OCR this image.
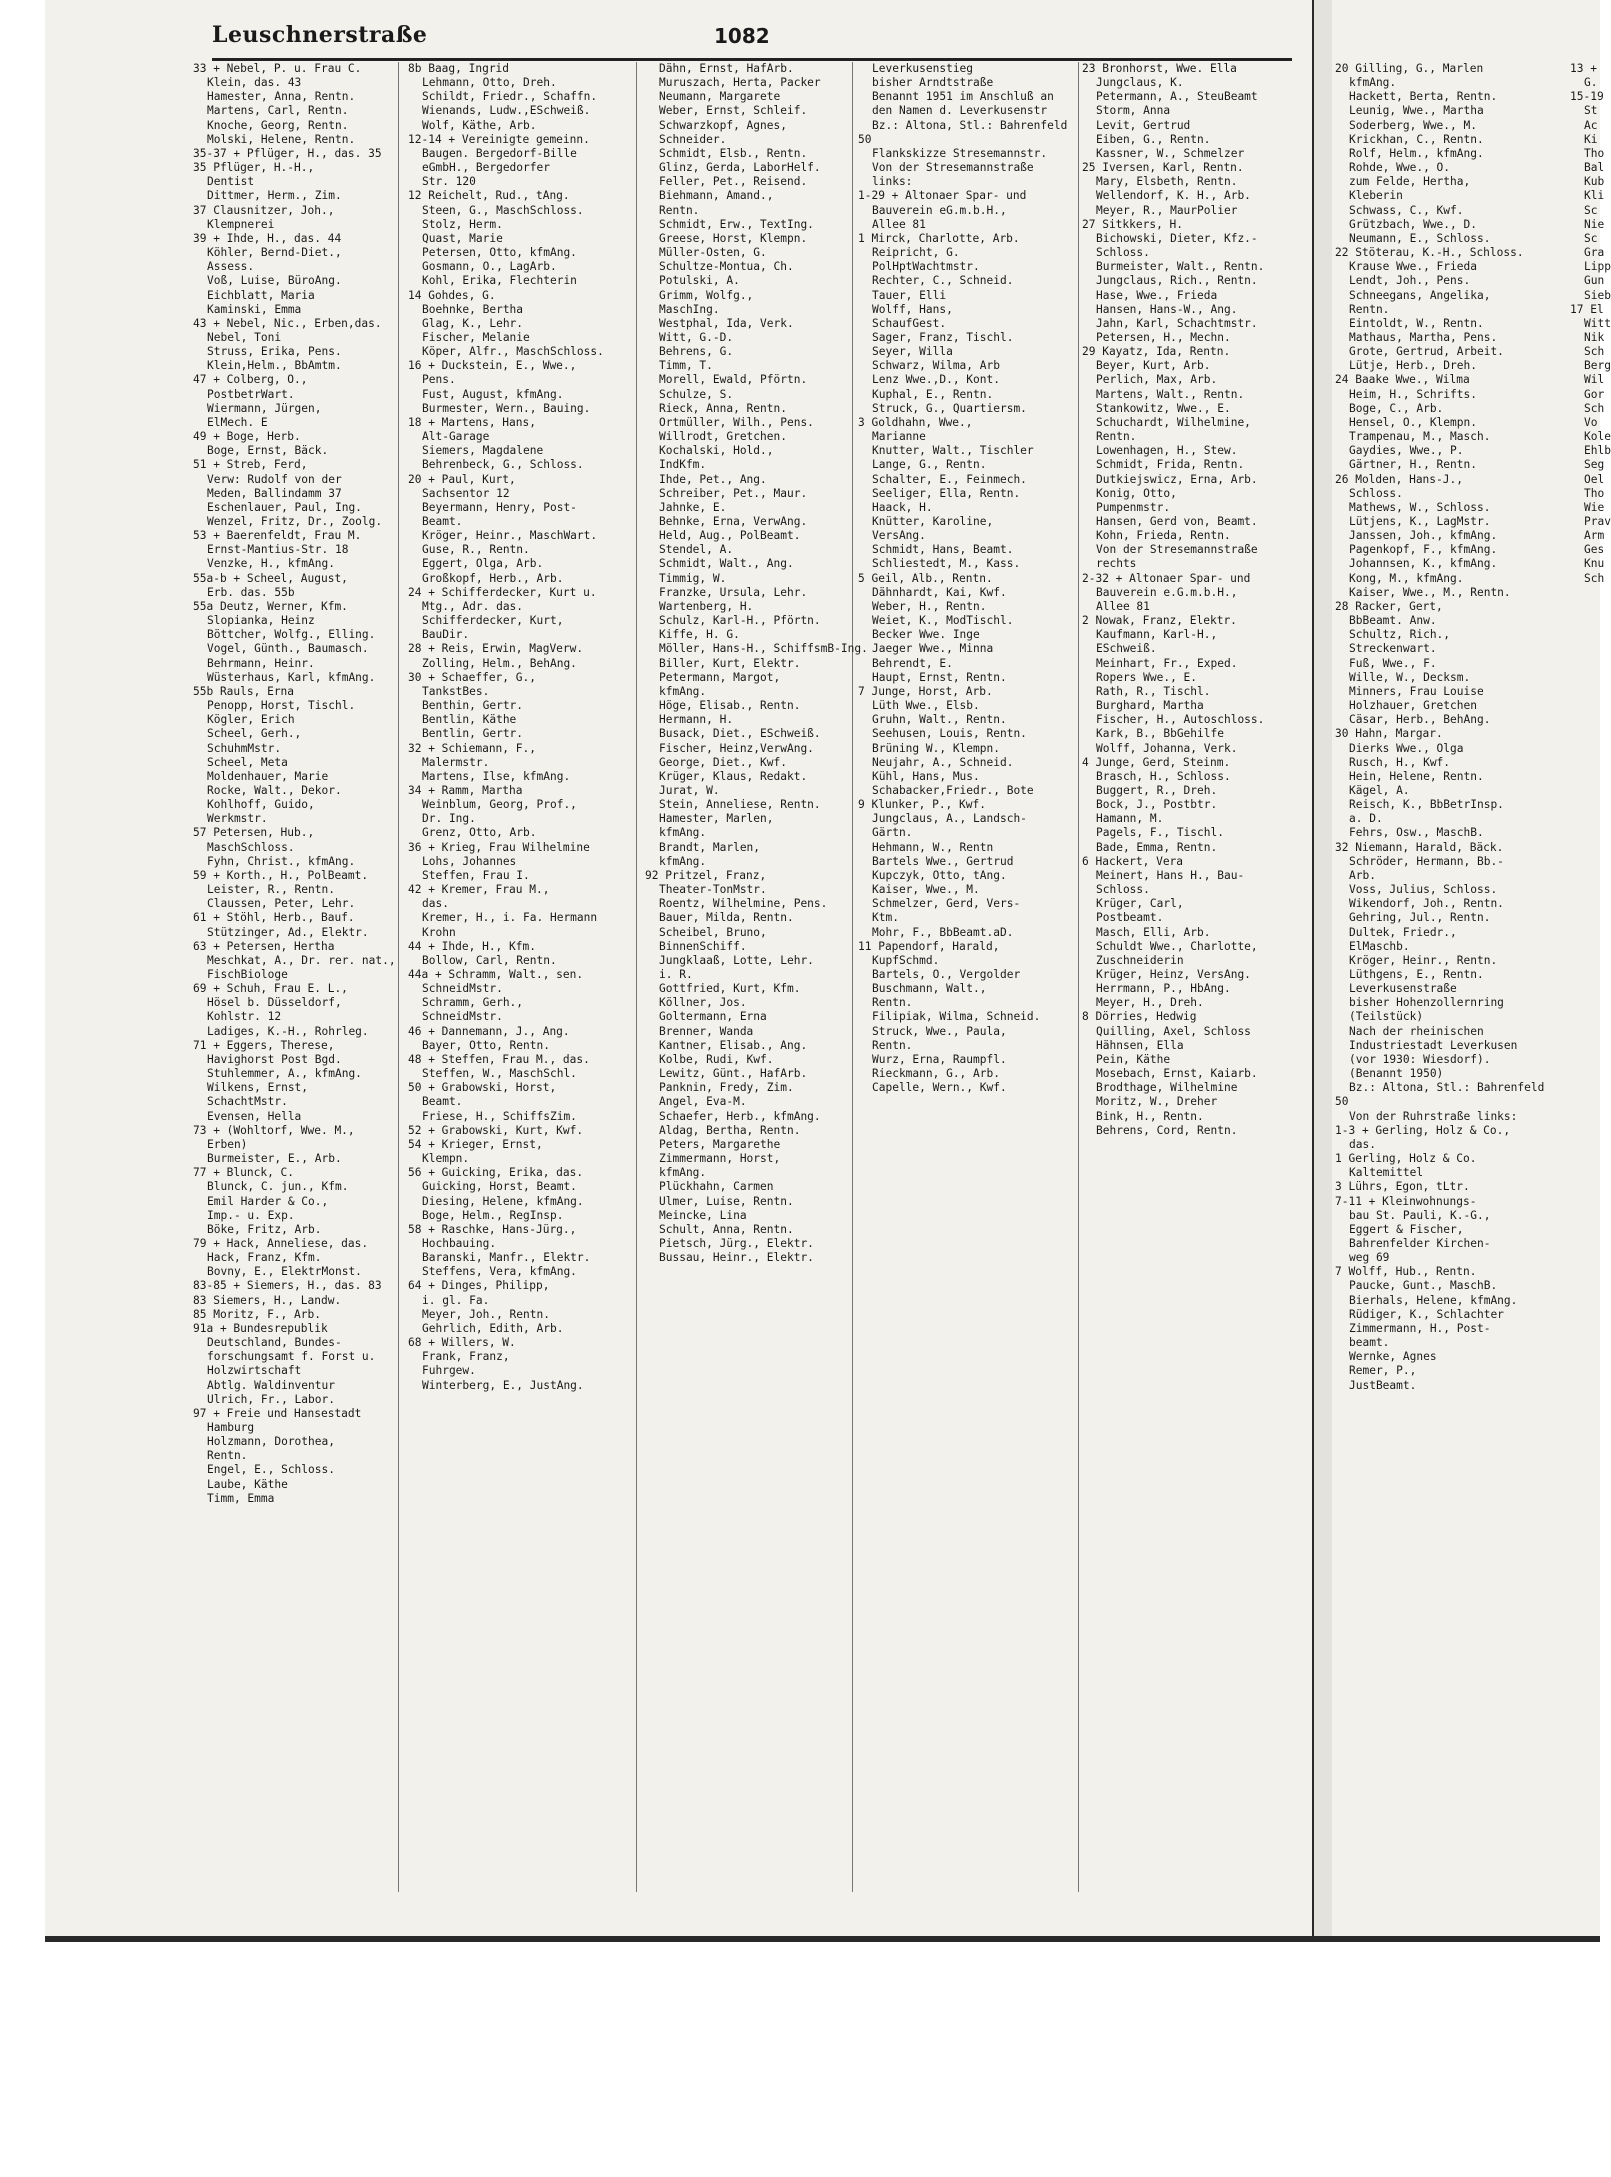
Leuschnerstraße	1082
33 + Nebel, P. u. Frau C.
Klein, das. 43
Hamester, Anna, Rentn.
Martens, Carl, Rentn.
Knoche, Georg, Rentn.
Molski, Helene, Rentn.
35-37 + Pflüger, H., das. 35
35 Pflüger, H.-H.,
Dentist
Dittmer, Herm., Zim.
37 Clausnitzer, Joh.,
Klempnerei
39 + Ihde, H., das. 44
Köhler, Bernd-Diet.,
Assess.
Voß, Luise, BüroAng.
Eichblatt, Maria
Kaminski, Emma
43 + Nebel, Nic., Erben,das.
Nebel, Toni
Struss, Erika, Pens.
Klein,Helm., BbAmtm.
47 + Colberg, O.,
PostbetrWart.
Wiermann, Jürgen,
ElMech. E
49 + Boge, Herb.
Boge, Ernst, Bäck.
51 + Streb, Ferd,
Verw: Rudolf von der
Meden, Ballindamm 37
Eschenlauer, Paul, Ing.
Wenzel, Fritz, Dr., Zoolg.
53 + Baerenfeldt, Frau M.
Ernst-Mantius-Str. 18
Venzke, H., kfmAng.
55a-b + Scheel, August,
Erb. das. 55b
55a Deutz, Werner, Kfm.
Slopianka, Heinz
Böttcher, Wolfg., Elling.
Vogel, Günth., Baumasch.
Behrmann, Heinr.
Wüsterhaus, Karl, kfmAng.
55b Rauls, Erna
Penopp, Horst, Tischl.
Kögler, Erich
Scheel, Gerh.,
SchuhmMstr.
Scheel, Meta
Moldenhauer, Marie
Rocke, Walt., Dekor.
Kohlhoff, Guido,
Werkmstr.
57 Petersen, Hub.,
MaschSchloss.
Fyhn, Christ., kfmAng.
59 + Korth., H., PolBeamt.
Leister, R., Rentn.
Claussen, Peter, Lehr.
61 + Stöhl, Herb., Bauf.
Stützinger, Ad., Elektr.
63 + Petersen, Hertha
Meschkat, A., Dr. rer. nat.,
FischBiologe
69 + Schuh, Frau E. L.,
Hösel b. Düsseldorf,
Kohlstr. 12
Ladiges, K.-H., Rohrleg.
71 + Eggers, Therese,
Havighorst Post Bgd.
Stuhlemmer, A., kfmAng.
Wilkens, Ernst,
SchachtMstr.
Evensen, Hella
73 + (Wohltorf, Wwe. M.,
Erben)
Burmeister, E., Arb.
77 + Blunck, C.
Blunck, C. jun., Kfm.
Emil Harder & Co.,
Imp.- u. Exp.
Böke, Fritz, Arb.
79 + Hack, Anneliese, das.
Hack, Franz, Kfm.
Bovny, E., ElektrMonst.
83-85 + Siemers, H., das. 83
83 Siemers, H., Landw.
85 Moritz, F., Arb.
91a + Bundesrepublik
Deutschland, Bundes-
forschungsamt f. Forst u.
Holzwirtschaft
Abtlg. Waldinventur
Ulrich, Fr., Labor.
97 + Freie und Hansestadt
Hamburg
Holzmann, Dorothea,
Rentn.
Engel, E., Schloss.
Laube, Käthe
Timm, Emma
8b Baag, Ingrid
Lehmann, Otto, Dreh.
Schildt, Friedr., Schaffn.
Wienands, Ludw.,ESchweiß.
Wolf, Käthe, Arb.
12-14 + Vereinigte gemeinn.
Baugen. Bergedorf-Bille
eGmbH., Bergedorfer
Str. 120
12 Reichelt, Rud., tAng.
Steen, G., MaschSchloss.
Stolz, Herm.
Quast, Marie
Petersen, Otto, kfmAng.
Gosmann, O., LagArb.
Kohl, Erika, Flechterin
14 Gohdes, G.
Boehnke, Bertha
Glag, K., Lehr.
Fischer, Melanie
Köper, Alfr., MaschSchloss.
16 + Duckstein, E., Wwe.,
Pens.
Fust, August, kfmAng.
Burmester, Wern., Bauing.
18 + Martens, Hans,
Alt-Garage
Siemers, Magdalene
Behrenbeck, G., Schloss.
20 + Paul, Kurt,
Sachsentor 12
Beyermann, Henry, Post-
Beamt.
Kröger, Heinr., MaschWart.
Guse, R., Rentn.
Eggert, Olga, Arb.
Großkopf, Herb., Arb.
24 + Schifferdecker, Kurt u.
Mtg., Adr. das.
Schifferdecker, Kurt,
BauDir.
28 + Reis, Erwin, MagVerw.
Zolling, Helm., BehAng.
30 + Schaeffer, G.,
TankstBes.
Benthin, Gertr.
Bentlin, Käthe
Bentlin, Gertr.
32 + Schiemann, F.,
Malermstr.
Martens, Ilse, kfmAng.
34 + Ramm, Martha
Weinblum, Georg, Prof.,
Dr. Ing.
Grenz, Otto, Arb.
36 + Krieg, Frau Wilhelmine
Lohs, Johannes
Steffen, Frau I.
42 + Kremer, Frau M.,
das.
Kremer, H., i. Fa. Hermann
Krohn
44 + Ihde, H., Kfm.
Bollow, Carl, Rentn.
44a + Schramm, Walt., sen.
SchneidMstr.
Schramm, Gerh.,
SchneidMstr.
46 + Dannemann, J., Ang.
Bayer, Otto, Rentn.
48 + Steffen, Frau M., das.
Steffen, W., MaschSchl.
50 + Grabowski, Horst,
Beamt.
Friese, H., SchiffsZim.
52 + Grabowski, Kurt, Kwf.
54 + Krieger, Ernst,
Klempn.
56 + Guicking, Erika, das.
Guicking, Horst, Beamt.
Diesing, Helene, kfmAng.
Boge, Helm., RegInsp.
58 + Raschke, Hans-Jürg.,
Hochbauing.
Baranski, Manfr., Elektr.
Steffens, Vera, kfmAng.
64 + Dinges, Philipp,
i. gl. Fa.
Meyer, Joh., Rentn.
Gehrlich, Edith, Arb.
68 + Willers, W.
Frank, Franz,
Fuhrgew.
Winterberg, E., JustAng.
Dähn, Ernst, HafArb.
Muruszach, Herta, Packer
Neumann, Margarete
Weber, Ernst, Schleif.
Schwarzkopf, Agnes,
Schneider.
Schmidt, Elsb., Rentn.
Glinz, Gerda, LaborHelf.
Feller, Pet., Reisend.
Biehmann, Amand.,
Rentn.
Schmidt, Erw., TextIng.
Greese, Horst, Klempn.
Müller-Osten, G.
Schultze-Montua, Ch.
Potulski, A.
Grimm, Wolfg.,
MaschIng.
Westphal, Ida, Verk.
Witt, G.-D.
Behrens, G.
Timm, T.
Morell, Ewald, Pförtn.
Schulze, S.
Rieck, Anna, Rentn.
Ortmüller, Wilh., Pens.
Willrodt, Gretchen.
Kochalski, Hold.,
IndKfm.
Ihde, Pet., Ang.
Schreiber, Pet., Maur.
Jahnke, E.
Behnke, Erna, VerwAng.
Held, Aug., PolBeamt.
Stendel, A.
Schmidt, Walt., Ang.
Timmig, W.
Franzke, Ursula, Lehr.
Wartenberg, H.
Schulz, Karl-H., Pförtn.
Kiffe, H. G.
Möller, Hans-H., SchiffsmB-Ing.
Biller, Kurt, Elektr.
Petermann, Margot,
kfmAng.
Höge, Elisab., Rentn.
Hermann, H.
Busack, Diet., ESchweiß.
Fischer, Heinz,VerwAng.
George, Diet., Kwf.
Krüger, Klaus, Redakt.
Jurat, W.
Stein, Anneliese, Rentn.
Hamester, Marlen,
kfmAng.
Brandt, Marlen,
kfmAng.
92 Pritzel, Franz,
Theater-TonMstr.
Roentz, Wilhelmine, Pens.
Bauer, Milda, Rentn.
Scheibel, Bruno,
BinnenSchiff.
Jungklaaß, Lotte, Lehr.
i. R.
Gottfried, Kurt, Kfm.
Köllner, Jos.
Goltermann, Erna
Brenner, Wanda
Kantner, Elisab., Ang.
Kolbe, Rudi, Kwf.
Lewitz, Günt., HafArb.
Panknin, Fredy, Zim.
Angel, Eva-M.
Schaefer, Herb., kfmAng.
Aldag, Bertha, Rentn.
Peters, Margarethe
Zimmermann, Horst,
kfmAng.
Plückhahn, Carmen
Ulmer, Luise, Rentn.
Meincke, Lina
Schult, Anna, Rentn.
Pietsch, Jürg., Elektr.
Bussau, Heinr., Elektr.
Leverkusenstieg
bisher Arndtstraße
Benannt 1951 im Anschluß an
den Namen d. Leverkusenstr
Bz.: Altona, Stl.: Bahrenfeld
50
Flankskizze Stresemannstr.
Von der Stresemannstraße
links:
1-29 + Altonaer Spar- und
Bauverein eG.m.b.H.,
Allee 81
1 Mirck, Charlotte, Arb.
Reipricht, G.
PolHptWachtmstr.
Rechter, C., Schneid.
Tauer, Elli
Wolff, Hans,
SchaufGest.
Sager, Franz, Tischl.
Seyer, Willa
Schwarz, Wilma, Arb
Lenz Wwe.,D., Kont.
Kuphal, E., Rentn.
Struck, G., Quartiersm.
3 Goldhahn, Wwe.,
Marianne
Knutter, Walt., Tischler
Lange, G., Rentn.
Schalter, E., Feinmech.
Seeliger, Ella, Rentn.
Haack, H.
Knütter, Karoline,
VersAng.
Schmidt, Hans, Beamt.
Schliestedt, M., Kass.
5 Geil, Alb., Rentn.
Dähnhardt, Kai, Kwf.
Weber, H., Rentn.
Weiet, K., ModTischl.
Becker Wwe. Inge
Jaeger Wwe., Minna
Behrendt, E.
Haupt, Ernst, Rentn.
7 Junge, Horst, Arb.
Lüth Wwe., Elsb.
Gruhn, Walt., Rentn.
Seehusen, Louis, Rentn.
Brüning W., Klempn.
Neujahr, A., Schneid.
Kühl, Hans, Mus.
Schabacker,Friedr., Bote
9 Klunker, P., Kwf.
Jungclaus, A., Landsch-
Gärtn.
Hehmann, W., Rentn
Bartels Wwe., Gertrud
Kupczyk, Otto, tAng.
Kaiser, Wwe., M.
Schmelzer, Gerd, Vers-
Ktm.
Mohr, F., BbBeamt.aD.
11 Papendorf, Harald,
KupfSchmd.
Bartels, O., Vergolder
Buschmann, Walt.,
Rentn.
Filipiak, Wilma, Schneid.
Struck, Wwe., Paula,
Rentn.
Wurz, Erna, Raumpfl.
Rieckmann, G., Arb.
Capelle, Wern., Kwf.
23 Bronhorst, Wwe. Ella
Jungclaus, K.
Petermann, A., SteuBeamt
Storm, Anna
Levit, Gertrud
Eiben, G., Rentn.
Kassner, W., Schmelzer
25 Iversen, Karl, Rentn.
Mary, Elsbeth, Rentn.
Wellendorf, K. H., Arb.
Meyer, R., MaurPolier
27 Sitkkers, H.
Bichowski, Dieter, Kfz.-
Schloss.
Burmeister, Walt., Rentn.
Jungclaus, Rich., Rentn.
Hase, Wwe., Frieda
Hansen, Hans-W., Ang.
Jahn, Karl, Schachtmstr.
Petersen, H., Mechn.
29 Kayatz, Ida, Rentn.
Beyer, Kurt, Arb.
Perlich, Max, Arb.
Martens, Walt., Rentn.
Stankowitz, Wwe., E.
Schuchardt, Wilhelmine,
Rentn.
Lowenhagen, H., Stew.
Schmidt, Frida, Rentn.
Dutkiejswicz, Erna, Arb.
Konig, Otto,
Pumpenmstr.
Hansen, Gerd von, Beamt.
Kohn, Frieda, Rentn.
Von der Stresemannstraße
rechts
2-32 + Altonaer Spar- und
Bauverein e.G.m.b.H.,
Allee 81
2 Nowak, Franz, Elektr.
Kaufmann, Karl-H.,
ESchweiß.
Meinhart, Fr., Exped.
Ropers Wwe., E.
Rath, R., Tischl.
Burghard, Martha
Fischer, H., Autoschloss.
Kark, B., BbGehilfe
Wolff, Johanna, Verk.
4 Junge, Gerd, Steinm.
Brasch, H., Schloss.
Buggert, R., Dreh.
Bock, J., Postbtr.
Hamann, M.
Pagels, F., Tischl.
Bade, Emma, Rentn.
6 Hackert, Vera
Meinert, Hans H., Bau-
Schloss.
Krüger, Carl,
Postbeamt.
Masch, Elli, Arb.
Schuldt Wwe., Charlotte,
Zuschneiderin
Krüger, Heinz, VersAng.
Herrmann, P., HbAng.
Meyer, H., Dreh.
8 Dörries, Hedwig
Quilling, Axel, Schloss
Hähnsen, Ella
Pein, Käthe
Mosebach, Ernst, Kaiarb.
Brodthage, Wilhelmine
Moritz, W., Dreher
Bink, H., Rentn.
Behrens, Cord, Rentn.
20 Gilling, G., Marlen
kfmAng.
Hackett, Berta, Rentn.
Leunig, Wwe., Martha
Soderberg, Wwe., M.
Krickhan, C., Rentn.
Rolf, Helm., kfmAng.
Rohde, Wwe., O.
zum Felde, Hertha,
Kleberin
Schwass, C., Kwf.
Grützbach, Wwe., D.
Neumann, E., Schloss.
22 Stöterau, K.-H., Schloss.
Krause Wwe., Frieda
Lendt, Joh., Pens.
Schneegans, Angelika,
Rentn.
Eintoldt, W., Rentn.
Mathaus, Martha, Pens.
Grote, Gertrud, Arbeit.
Lütje, Herb., Dreh.
24 Baake Wwe., Wilma
Heim, H., Schrifts.
Boge, C., Arb.
Hensel, O., Klempn.
Trampenau, M., Masch.
Gaydies, Wwe., P.
Gärtner, H., Rentn.
26 Molden, Hans-J.,
Schloss.
Mathews, W., Schloss.
Lütjens, K., LagMstr.
Janssen, Joh., kfmAng.
Pagenkopf, F., kfmAng.
Johannsen, K., kfmAng.
Kong, M., kfmAng.
Kaiser, Wwe., M., Rentn.
28 Racker, Gert,
BbBeamt. Anw.
Schultz, Rich.,
Streckenwart.
Fuß, Wwe., F.
Wille, W., Decksm.
Minners, Frau Louise
Holzhauer, Gretchen
Cäsar, Herb., BehAng.
30 Hahn, Margar.
Dierks Wwe., Olga
Rusch, H., Kwf.
Hein, Helene, Rentn.
Kägel, A.
Reisch, K., BbBetrInsp.
a. D.
Fehrs, Osw., MaschB.
32 Niemann, Harald, Bäck.
Schröder, Hermann, Bb.-
Arb.
Voss, Julius, Schloss.
Wikendorf, Joh., Rentn.
Gehring, Jul., Rentn.
Dultek, Friedr.,
ElMaschb.
Kröger, Heinr., Rentn.
Lüthgens, E., Rentn.
Leverkusenstraße
bisher Hohenzollernring
(Teilstück)
Nach der rheinischen
Industriestadt Leverkusen
(vor 1930: Wiesdorf).
(Benannt 1950)
Bz.: Altona, Stl.: Bahrenfeld
50
Von der Ruhrstraße links:
1-3 + Gerling, Holz & Co.,
das.
1 Gerling, Holz & Co.
Kaltemittel
3 Lührs, Egon, tLtr.
7-11 + Kleinwohnungs-
bau St. Pauli, K.-G.,
Eggert & Fischer,
Bahrenfelder Kirchen-
weg 69
7 Wolff, Hub., Rentn.
Paucke, Gunt., MaschB.
Bierhals, Helene, kfmAng.
Rüdiger, K., Schlachter
Zimmermann, H., Post-
beamt.
Wernke, Agnes
Remer, P.,
JustBeamt.
13 +
G.
15-19
St
Ac
Ki
Tho
Bal
Kub
Kli
Sc
Nie
Sc
Gra
Lipp
Gun
Sieb
17 El
Witt
Nik
Sch
Berg
Wil
Gor
Sch
Vo
Kole
Ehlb
Seg
Oel
Tho
Wie
Prav
Arm
Ges
Knu
Sch
